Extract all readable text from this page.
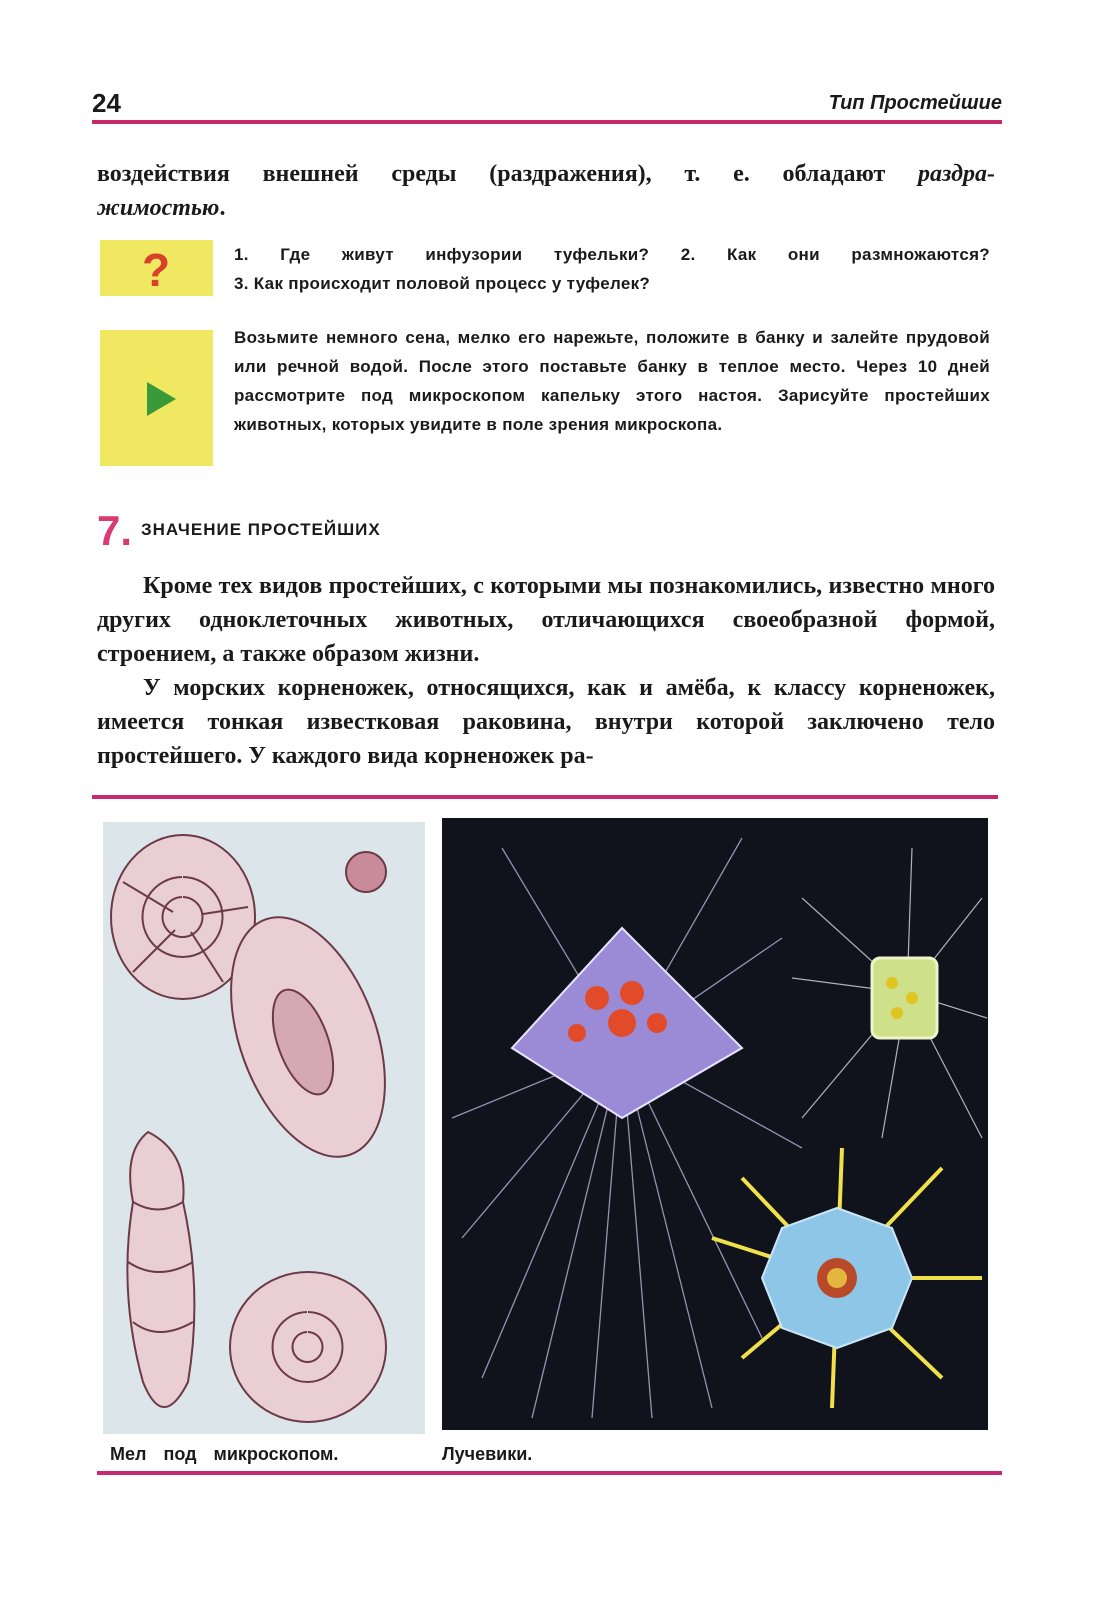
24	Тип Простейшие
воздействия внешней среды (раздражения), т. е. обладают раздра-
жимостью.
?	1. Где живут инфузории туфельки? 2. Как они размножаются?
3. Как происходит половой процесс у туфелек?
Возьмите немного сена, мелко его нарежьте, положите в банку и залейте прудовой или речной водой. После этого поставьте банку в теплое место. Через 10 дней рассмотрите под микроскопом капельку этого настоя. Зарисуйте простейших животных, которых увидите в поле зрения микроскопа.
7. ЗНАЧЕНИЕ ПРОСТЕЙШИХ
Кроме тех видов простейших, с которыми мы познакомились, известно много других одноклеточных животных, отличающихся своеобразной формой, строением, а также образом жизни.
У морских корненожек, относящихся, как и амёба, к классу корненожек, имеется тонкая известковая раковина, внутри которой заключено тело простейшего. У каждого вида корненожек ра-
Мел под микроскопом.	Лучевики.
